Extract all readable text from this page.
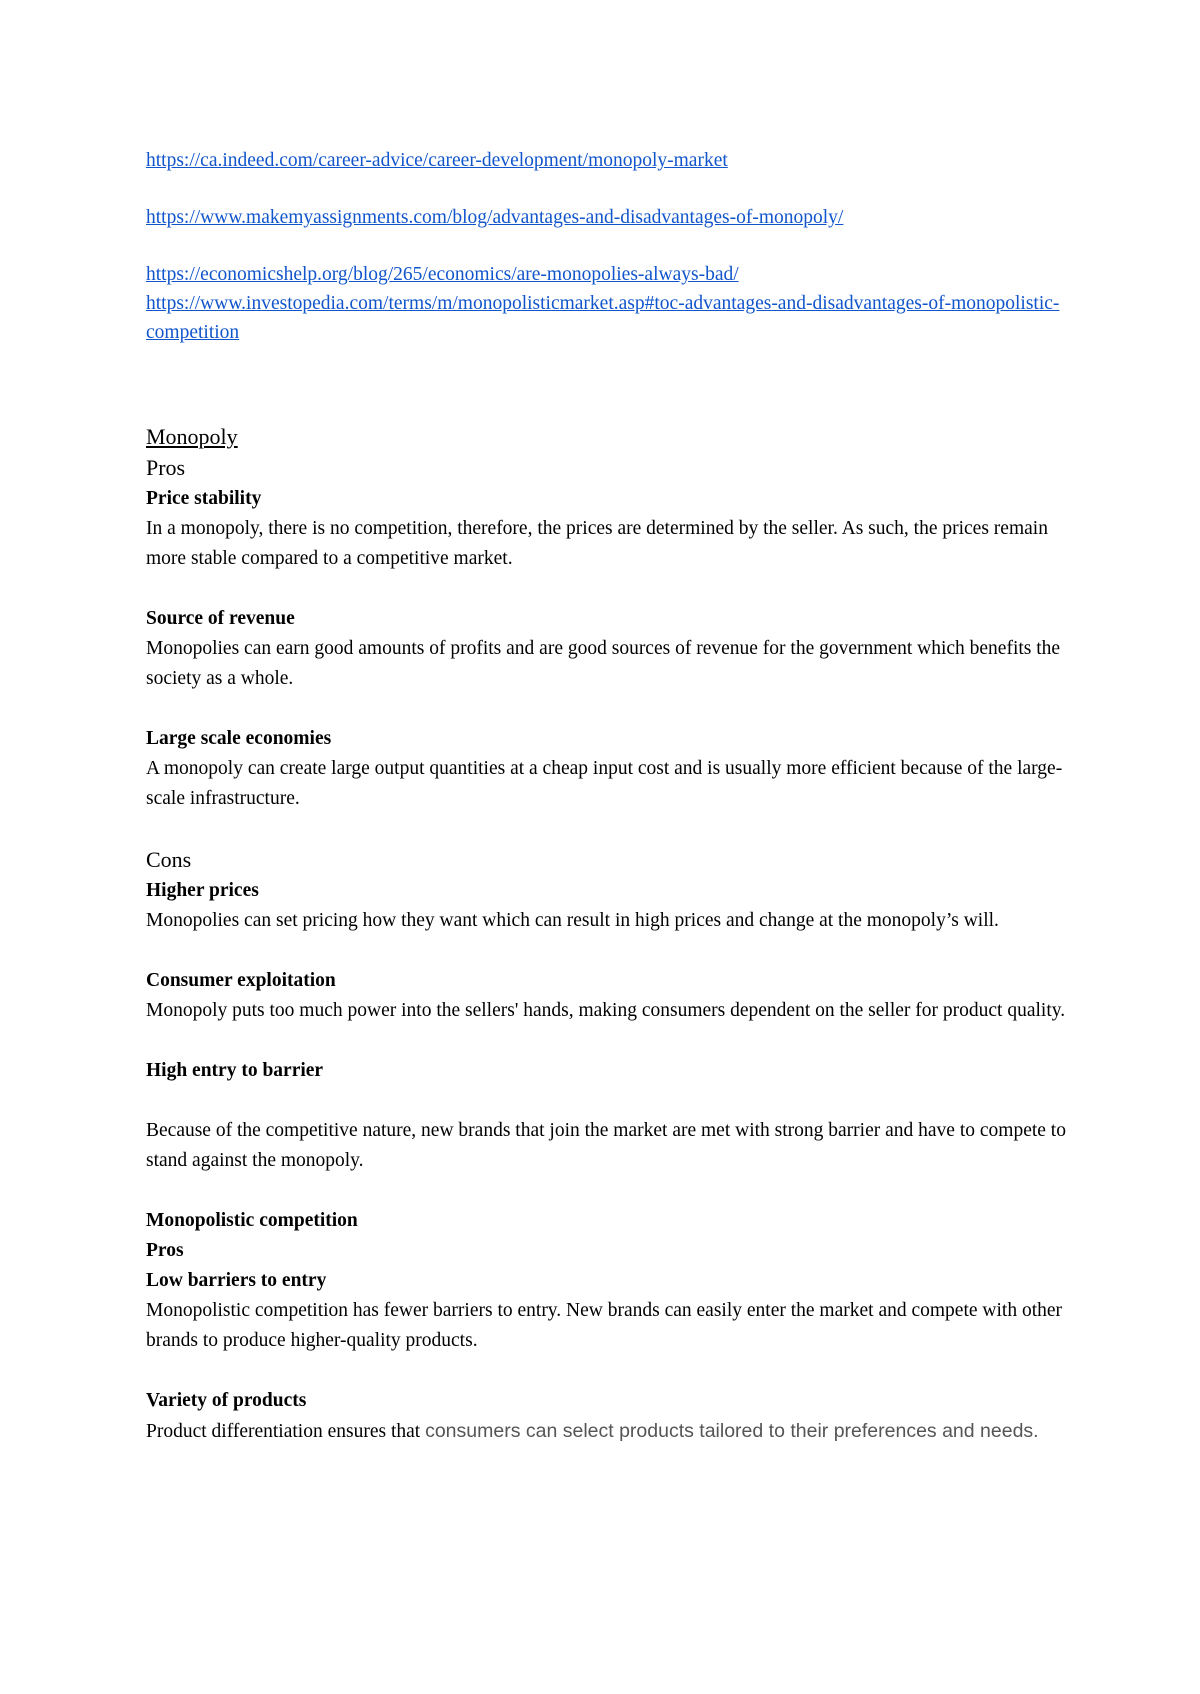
https://ca.indeed.com/career-advice/career-development/monopoly-market
https://www.makemyassignments.com/blog/advantages-and-disadvantages-of-monopoly/
https://economicshelp.org/blog/265/economics/are-monopolies-always-bad/
https://www.investopedia.com/terms/m/monopolisticmarket.asp#toc-advantages-and-disadvantages-of-monopolistic-competition
Monopoly
Pros
Price stability
In a monopoly, there is no competition, therefore, the prices are determined by the seller. As such, the prices remain more stable compared to a competitive market.
Source of revenue
Monopolies can earn good amounts of profits and are good sources of revenue for the government which benefits the society as a whole.
Large scale economies
A monopoly can create large output quantities at a cheap input cost and is usually more efficient because of the large-scale infrastructure.
Cons
Higher prices
Monopolies can set pricing how they want which can result in high prices and change at the monopoly’s will.
Consumer exploitation
Monopoly puts too much power into the sellers' hands, making consumers dependent on the seller for product quality.
High entry to barrier
Because of the competitive nature, new brands that join the market are met with strong barrier and have to compete to stand against the monopoly.
Monopolistic competition
Pros
Low barriers to entry
Monopolistic competition has fewer barriers to entry. New brands can easily enter the market and compete with other brands to produce higher-quality products.
Variety of products
Product differentiation ensures that consumers can select products tailored to their preferences and needs.
